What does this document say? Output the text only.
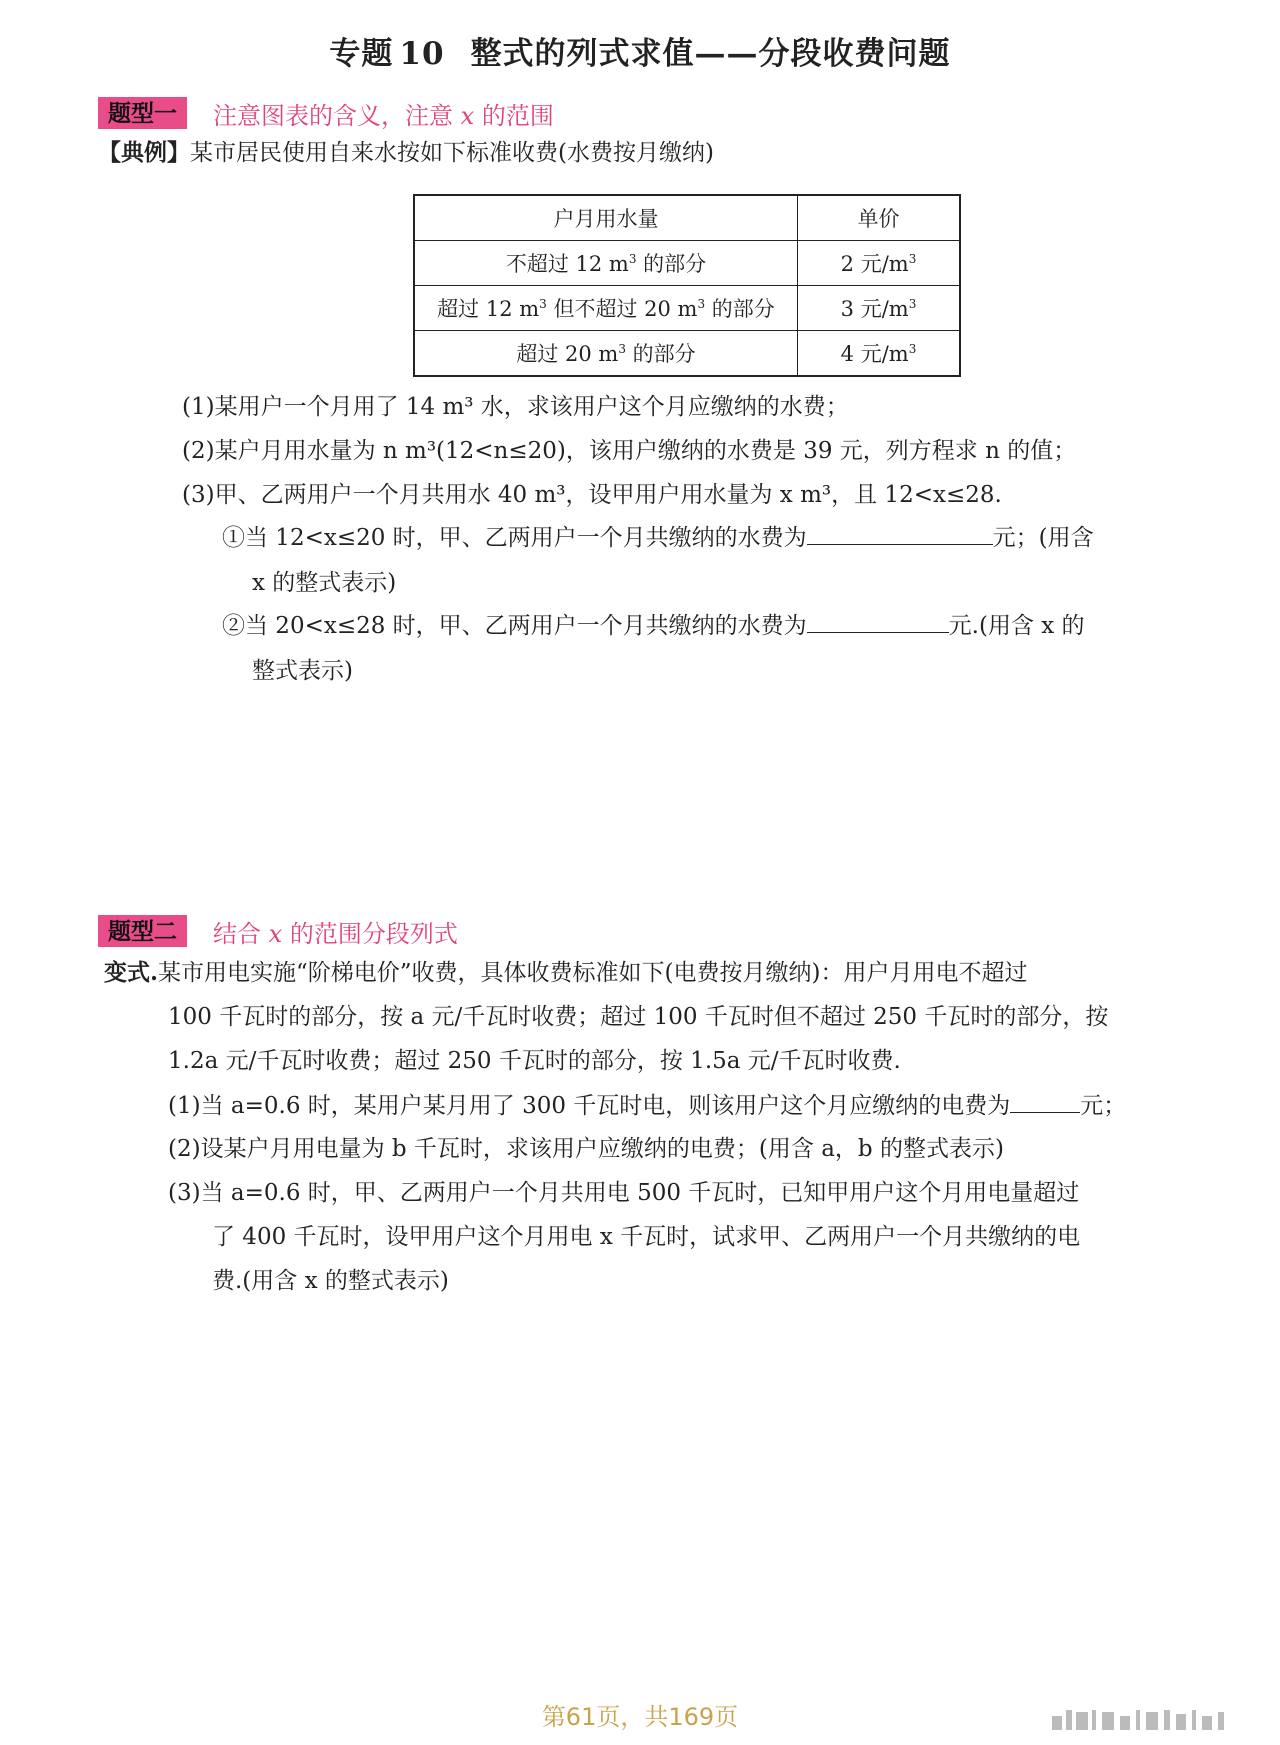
专题 10 整式的列式求值——分段收费问题
题型一	注意图表的含义，注意 x 的范围
【典例】某市居民使用自来水按如下标准收费(水费按月缴纳)
户月用水量	单价
不超过 12 $m^3$ 的部分	2 元$/m^3$
超过 12 $m^3$ 但不超过 20 $m^3$ 的部分	3 元$/m^3$
超过 20 $m^3$ 的部分	4 元$/m^3$
(1)某用户一个月用了 14 m³ 水，求该用户这个月应缴纳的水费；
(2)某户月用水量为 n m³(12<n≤20)，该用户缴纳的水费是 39 元，列方程求 n 的值；
(3)甲、乙两用户一个月共用水 40 m³，设甲用户用水量为 x m³，且 12<x≤28.
①当 12<x≤20 时，甲、乙两用户一个月共缴纳的水费为	元；(用含
x 的整式表示)
②当 20<x≤28 时，甲、乙两用户一个月共缴纳的水费为	元.(用含 x 的
整式表示)
题型二	结合 x 的范围分段列式
变式.某市用电实施“阶梯电价”收费，具体收费标准如下(电费按月缴纳)：用户月用电不超过
100 千瓦时的部分，按 a 元/千瓦时收费；超过 100 千瓦时但不超过 250 千瓦时的部分，按
1.2a 元/千瓦时收费；超过 250 千瓦时的部分，按 1.5a 元/千瓦时收费.
(1)当 a=0.6 时，某用户某月用了 300 千瓦时电，则该用户这个月应缴纳的电费为	元；
(2)设某户月用电量为 b 千瓦时，求该用户应缴纳的电费；(用含 a，b 的整式表示)
(3)当 a=0.6 时，甲、乙两用户一个月共用电 500 千瓦时，已知甲用户这个月用电量超过
了 400 千瓦时，设甲用户这个月用电 x 千瓦时，试求甲、乙两用户一个月共缴纳的电
费.(用含 x 的整式表示)
第61页，共169页
